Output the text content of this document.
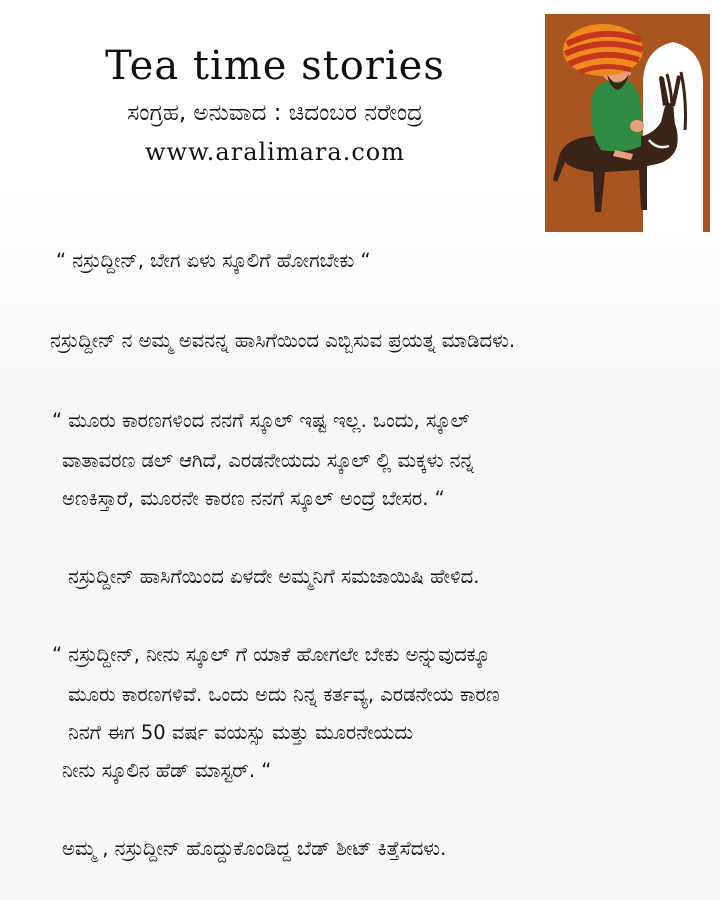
Tea time stories
ಸಂಗ್ರಹ, ಅನುವಾದ : ಚಿದಂಬರ ನರೇಂದ್ರ
www.aralimara.com
“ ನಸ್ರುದ್ದೀನ್, ಬೇಗ ಏಳು ಸ್ಕೂಲಿಗೆ ಹೋಗಬೇಕು “
ನಸ್ರುದ್ದೀನ್ ನ ಅಮ್ಮ ಅವನನ್ನ ಹಾಸಿಗೆಯಿಂದ ಎಬ್ಬಿಸುವ ಪ್ರಯತ್ನ ಮಾಡಿದಳು.
“ ಮೂರು ಕಾರಣಗಳಿಂದ ನನಗೆ ಸ್ಕೂಲ್ ಇಷ್ಟ ಇಲ್ಲ. ಒಂದು, ಸ್ಕೂಲ್
ವಾತಾವರಣ ಡಲ್ ಆಗಿದೆ, ಎರಡನೇಯದು ಸ್ಕೂಲ್ ಲ್ಲಿ ಮಕ್ಕಳು ನನ್ನ
ಅಣಕಿಸ್ತಾರೆ, ಮೂರನೇ ಕಾರಣ ನನಗೆ ಸ್ಕೂಲ್ ಅಂದ್ರೆ ಬೇಸರ. “
ನಸ್ರುದ್ದೀನ್ ಹಾಸಿಗೆಯಿಂದ ಏಳದೇ ಅಮ್ಮನಿಗೆ ಸಮಜಾಯಿಷಿ ಹೇಳಿದ.
“ ನಸ್ರುದ್ದೀನ್, ನೀನು ಸ್ಕೂಲ್ ಗೆ ಯಾಕೆ ಹೋಗಲೇ ಬೇಕು ಅನ್ನುವುದಕ್ಕೂ
ಮೂರು ಕಾರಣಗಳಿವೆ. ಒಂದು ಅದು ನಿನ್ನ ಕರ್ತವ್ಯ, ಎರಡನೇಯ ಕಾರಣ
ನಿನಗೆ ಈಗ 50 ವರ್ಷ ವಯಸ್ಸು ಮತ್ತು ಮೂರನೇಯದು
ನೀನು ಸ್ಕೂಲಿನ ಹೆಡ್ ಮಾಸ್ಟರ್. “
ಅಮ್ಮ , ನಸ್ರುದ್ದೀನ್ ಹೊದ್ದುಕೊಂಡಿದ್ದ ಬೆಡ್ ಶೀಟ್ ಕಿತ್ತೆಸೆದಳು.
